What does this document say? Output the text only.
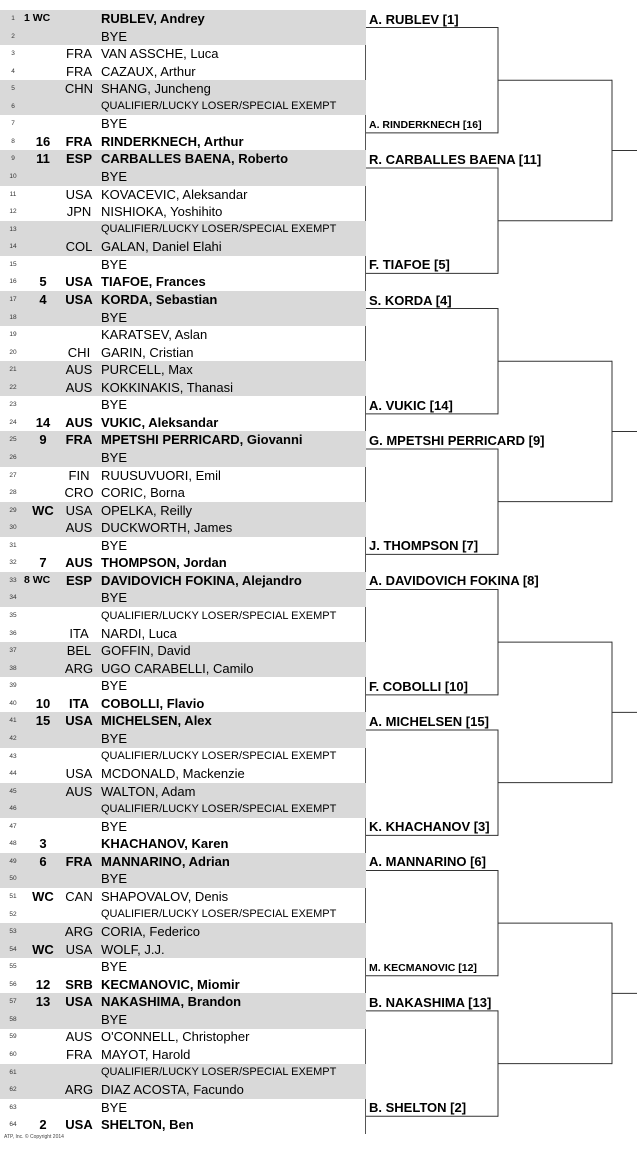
1 1 WC	RUBLEV, Andrey
2	BYE
3	FRA VAN ASSCHE, Luca
4	FRA CAZAUX, Arthur
5	CHN SHANG, Juncheng
6	QUALIFIER/LUCKY LOSER/SPECIAL EXEMPT
7	BYE
8	16	FRA RINDERKNECH, Arthur
9	11	ESP CARBALLES BAENA, Roberto
10	BYE
11	USA KOVACEVIC, Aleksandar
12	JPN NISHIOKA, Yoshihito
13	QUALIFIER/LUCKY LOSER/SPECIAL EXEMPT
14	COL GALAN, Daniel Elahi
15	BYE
16	5	USA TIAFOE, Frances
17	4	USA KORDA, Sebastian
18	BYE
19	KARATSEV, Aslan
20	CHI GARIN, Cristian
21	AUS PURCELL, Max
22	AUS KOKKINAKIS, Thanasi
23	BYE
24	14	AUS VUKIC, Aleksandar
25	9	FRA MPETSHI PERRICARD, Giovanni
26	BYE
27	FIN RUUSUVUORI, Emil
28	CRO CORIC, Borna
29	WC USA OPELKA, Reilly
30	AUS DUCKWORTH, James
31	BYE
32	7	AUS THOMPSON, Jordan
33 8 WC	ESP DAVIDOVICH FOKINA, Alejandro
34	BYE
35	QUALIFIER/LUCKY LOSER/SPECIAL EXEMPT
36	ITA NARDI, Luca
37	BEL GOFFIN, David
38	ARG UGO CARABELLI, Camilo
39	BYE
40	10	ITA COBOLLI, Flavio
41	15	USA MICHELSEN, Alex
42	BYE
43	QUALIFIER/LUCKY LOSER/SPECIAL EXEMPT
44	USA MCDONALD, Mackenzie
45	AUS WALTON, Adam
46	QUALIFIER/LUCKY LOSER/SPECIAL EXEMPT
47	BYE
48	3	KHACHANOV, Karen
49	6	FRA MANNARINO, Adrian
50	BYE
51	WC CAN SHAPOVALOV, Denis
52	QUALIFIER/LUCKY LOSER/SPECIAL EXEMPT
53	ARG CORIA, Federico
54	WC USA WOLF, J.J.
55	BYE
56	12	SRB KECMANOVIC, Miomir
57	13	USA NAKASHIMA, Brandon
58	BYE
59	AUS O'CONNELL, Christopher
60	FRA MAYOT, Harold
61	QUALIFIER/LUCKY LOSER/SPECIAL EXEMPT
62	ARG DIAZ ACOSTA, Facundo
63	BYE
64	2	USA SHELTON, Ben
A. RUBLEV [1]
A. RINDERKNECH [16]
R. CARBALLES BAENA [11]
F. TIAFOE [5]
S. KORDA [4]
A. VUKIC [14]
G. MPETSHI PERRICARD [9]
J. THOMPSON [7]
A. DAVIDOVICH FOKINA [8]
F. COBOLLI [10]
A. MICHELSEN [15]
K. KHACHANOV [3]
A. MANNARINO [6]
M. KECMANOVIC [12]
B. NAKASHIMA [13]
B. SHELTON [2]
ATP, Inc. © Copyright 2014
